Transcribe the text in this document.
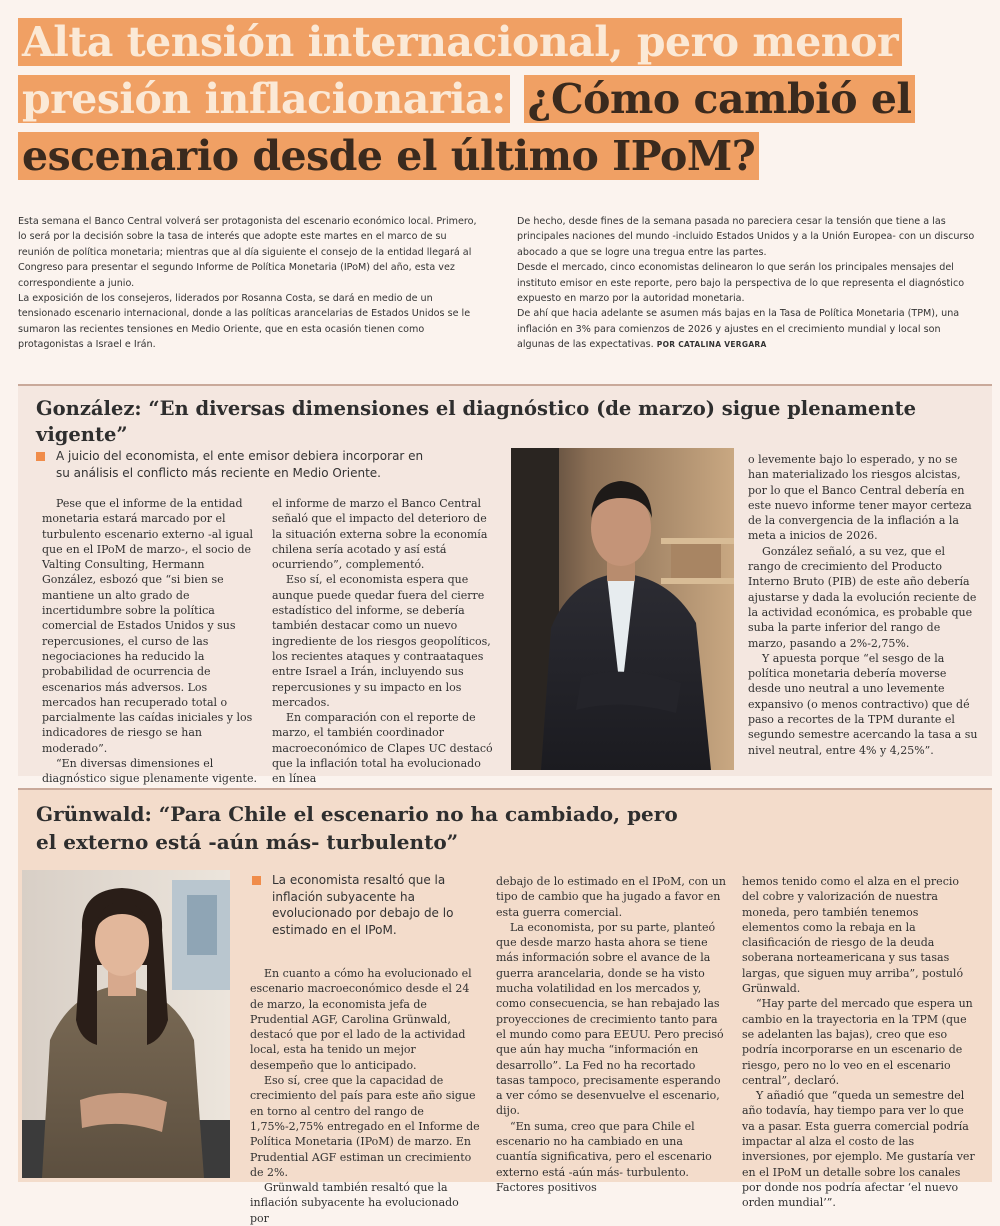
Alta tensión internacional, pero menor presión inflacionaria: ¿Cómo cambió el escenario desde el último IPoM?

Esta semana el Banco Central volverá ser protagonista del escenario económico local. Primero, lo será por la decisión sobre la tasa de interés que adopte este martes en el marco de su reunión de política monetaria; mientras que al día siguiente el consejo de la entidad llegará al Congreso para presentar el segundo Informe de Política Monetaria (IPoM) del año, esta vez correspondiente a junio.

La exposición de los consejeros, liderados por Rosanna Costa, se dará en medio de un tensionado escenario internacional, donde a las políticas arancelarias de Estados Unidos se le sumaron las recientes tensiones en Medio Oriente, que en esta ocasión tienen como protagonistas a Israel e Irán.

De hecho, desde fines de la semana pasada no pareciera cesar la tensión que tiene a las principales naciones del mundo -incluido Estados Unidos y a la Unión Europea- con un discurso abocado a que se logre una tregua entre las partes.

Desde el mercado, cinco economistas delinearon lo que serán los principales mensajes del instituto emisor en este reporte, pero bajo la perspectiva de lo que representa el diagnóstico expuesto en marzo por la autoridad monetaria.

De ahí que hacia adelante se asumen más bajas en la Tasa de Política Monetaria (TPM), una inflación en 3% para comienzos de 2026 y ajustes en el crecimiento mundial y local son algunas de las expectativas. POR CATALINA VERGARA

González: “En diversas dimensiones el diagnóstico (de marzo) sigue plenamente vigente”
A juicio del economista, el ente emisor debiera incorporar en su análisis el conflicto más reciente en Medio Oriente.

Pese que el informe de la entidad monetaria estará marcado por el turbulento escenario externo -al igual que en el IPoM de marzo-, el socio de Valting Consulting, Hermann González, esbozó que “si bien se mantiene un alto grado de incertidumbre sobre la política comercial de Estados Unidos y sus repercusiones, el curso de las negociaciones ha reducido la probabilidad de ocurrencia de escenarios más adversos. Los mercados han recuperado total o parcialmente las caídas iniciales y los indicadores de riesgo se han moderado”.

“En diversas dimensiones el diagnóstico sigue plenamente vigente.

el informe de marzo el Banco Central señaló que el impacto del deterioro de la situación externa sobre la economía chilena sería acotado y así está ocurriendo”, complementó.

Eso sí, el economista espera que aunque puede quedar fuera del cierre estadístico del informe, se debería también destacar como un nuevo ingrediente de los riesgos geopolíticos, los recientes ataques y contraataques entre Israel a Irán, incluyendo sus repercusiones y su impacto en los mercados.

En comparación con el reporte de marzo, el también coordinador macroeconómico de Clapes UC destacó que la inflación total ha evolucionado en línea

o levemente bajo lo esperado, y no se han materializado los riesgos alcistas, por lo que el Banco Central debería en este nuevo informe tener mayor certeza de la convergencia de la inflación a la meta a inicios de 2026.

González señaló, a su vez, que el rango de crecimiento del Producto Interno Bruto (PIB) de este año debería ajustarse y dada la evolución reciente de la actividad económica, es probable que suba la parte inferior del rango de marzo, pasando a 2%-2,75%.

Y apuesta porque “el sesgo de la política monetaria debería moverse desde uno neutral a uno levemente expansivo (o menos contractivo) que dé paso a recortes de la TPM durante el segundo semestre acercando la tasa a su nivel neutral, entre 4% y 4,25%”.

Grünwald: “Para Chile el escenario no ha cambiado, pero
el externo está -aún más- turbulento”
La economista resaltó que la inflación subyacente ha evolucionado por debajo de lo estimado en el IPoM.

En cuanto a cómo ha evolucionado el escenario macroeconómico desde el 24 de marzo, la economista jefa de Prudential AGF, Carolina Grünwald, destacó que por el lado de la actividad local, esta ha tenido un mejor desempeño que lo anticipado.

Eso sí, cree que la capacidad de crecimiento del país para este año sigue en torno al centro del rango de 1,75%-2,75% entregado en el Informe de Política Monetaria (IPoM) de marzo. En Prudential AGF estiman un crecimiento de 2%.

Grünwald también resaltó que la inflación subyacente ha evolucionado por

debajo de lo estimado en el IPoM, con un tipo de cambio que ha jugado a favor en esta guerra comercial.

La economista, por su parte, planteó que desde marzo hasta ahora se tiene más información sobre el avance de la guerra arancelaria, donde se ha visto mucha volatilidad en los mercados y, como consecuencia, se han rebajado las proyecciones de crecimiento tanto para el mundo como para EEUU. Pero precisó que aún hay mucha “información en desarrollo”. La Fed no ha recortado tasas tampoco, precisamente esperando a ver cómo se desenvuelve el escenario, dijo.

“En suma, creo que para Chile el escenario no ha cambiado en una cuantía significativa, pero el escenario externo está -aún más- turbulento. Factores positivos

hemos tenido como el alza en el precio del cobre y valorización de nuestra moneda, pero también tenemos elementos como la rebaja en la clasificación de riesgo de la deuda soberana norteamericana y sus tasas largas, que siguen muy arriba”, postuló Grünwald.

“Hay parte del mercado que espera un cambio en la trayectoria en la TPM (que se adelanten las bajas), creo que eso podría incorporarse en un escenario de riesgo, pero no lo veo en el escenario central”, declaró.

Y añadió que “queda un semestre del año todavía, hay tiempo para ver lo que va a pasar. Esta guerra comercial podría impactar al alza el costo de las inversiones, por ejemplo. Me gustaría ver en el IPoM un detalle sobre los canales por donde nos podría afectar ‘el nuevo orden mundial’”.
